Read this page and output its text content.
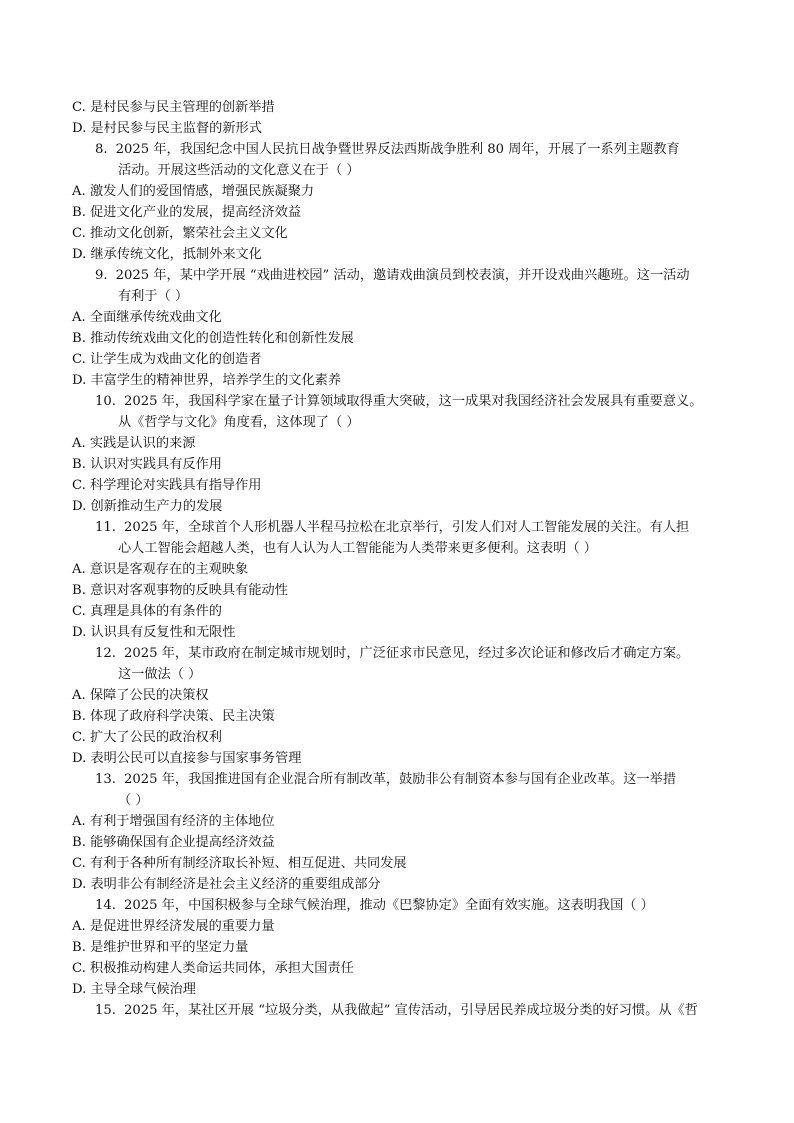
C. 是村民参与民主管理的创新举措
D. 是村民参与民主监督的新形式
8. 2025 年，我国纪念中国人民抗日战争暨世界反法西斯战争胜利 80 周年，开展了一系列主题教育
活动。开展这些活动的文化意义在于（ ）
A. 激发人们的爱国情感，增强民族凝聚力
B. 促进文化产业的发展，提高经济效益
C. 推动文化创新，繁荣社会主义文化
D. 继承传统文化，抵制外来文化
9. 2025 年，某中学开展 “戏曲进校园” 活动，邀请戏曲演员到校表演，并开设戏曲兴趣班。这一活动
有利于（ ）
A. 全面继承传统戏曲文化
B. 推动传统戏曲文化的创造性转化和创新性发展
C. 让学生成为戏曲文化的创造者
D. 丰富学生的精神世界，培养学生的文化素养
10. 2025 年，我国科学家在量子计算领域取得重大突破，这一成果对我国经济社会发展具有重要意义。
从《哲学与文化》角度看，这体现了（ ）
A. 实践是认识的来源
B. 认识对实践具有反作用
C. 科学理论对实践具有指导作用
D. 创新推动生产力的发展
11. 2025 年，全球首个人形机器人半程马拉松在北京举行，引发人们对人工智能发展的关注。有人担
心人工智能会超越人类，也有人认为人工智能能为人类带来更多便利。这表明（ ）
A. 意识是客观存在的主观映象
B. 意识对客观事物的反映具有能动性
C. 真理是具体的有条件的
D. 认识具有反复性和无限性
12. 2025 年，某市政府在制定城市规划时，广泛征求市民意见，经过多次论证和修改后才确定方案。
这一做法（ ）
A. 保障了公民的决策权
B. 体现了政府科学决策、民主决策
C. 扩大了公民的政治权利
D. 表明公民可以直接参与国家事务管理
13. 2025 年，我国推进国有企业混合所有制改革，鼓励非公有制资本参与国有企业改革。这一举措
（ ）
A. 有利于增强国有经济的主体地位
B. 能够确保国有企业提高经济效益
C. 有利于各种所有制经济取长补短、相互促进、共同发展
D. 表明非公有制经济是社会主义经济的重要组成部分
14. 2025 年，中国积极参与全球气候治理，推动《巴黎协定》全面有效实施。这表明我国（ ）
A. 是促进世界经济发展的重要力量
B. 是维护世界和平的坚定力量
C. 积极推动构建人类命运共同体，承担大国责任
D. 主导全球气候治理
15. 2025 年，某社区开展 “垃圾分类，从我做起” 宣传活动，引导居民养成垃圾分类的好习惯。从《哲
